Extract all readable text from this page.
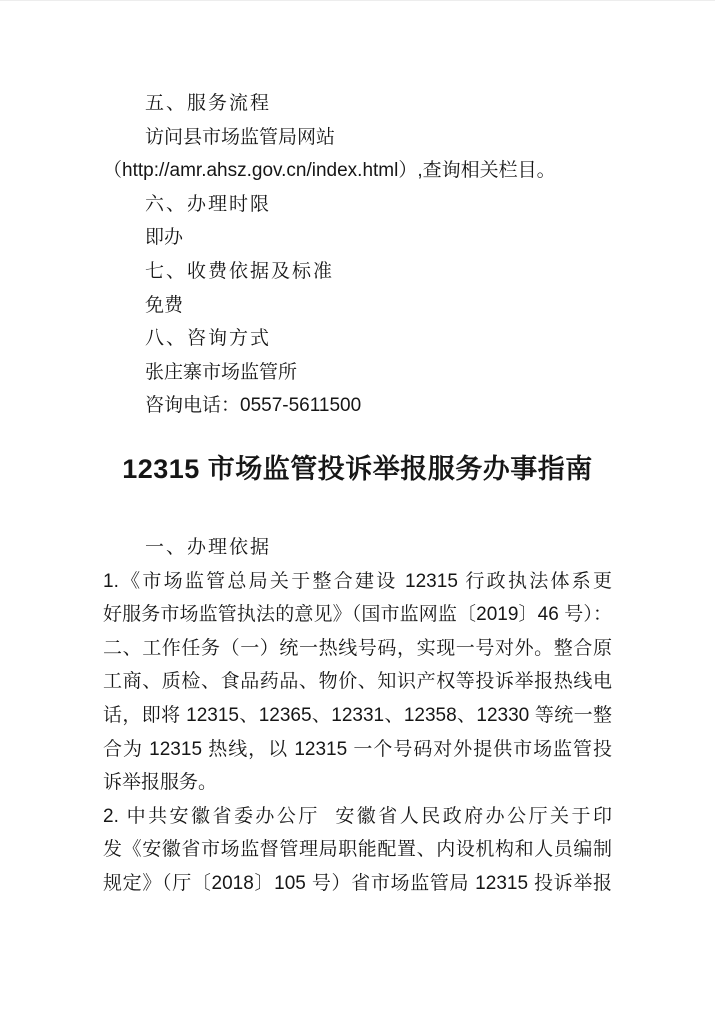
五、服务流程
访问县市场监管局网站
（http://amr.ahsz.gov.cn/index.html）,查询相关栏目。
六、办理时限
即办
七、收费依据及标准
免费
八、咨询方式
张庄寨市场监管所
咨询电话：0557-5611500
12315 市场监管投诉举报服务办事指南
一、办理依据
1.《市场监管总局关于整合建设 12315 行政执法体系更
好服务市场监管执法的意见》（国市监网监〔2019〕46 号）：
二、工作任务（一）统一热线号码，实现一号对外。整合原
工商、质检、食品药品、物价、知识产权等投诉举报热线电
话，即将 12315、12365、12331、12358、12330 等统一整
合为 12315 热线，以 12315 一个号码对外提供市场监管投
诉举报服务。
2. 中共安徽省委办公厅  安徽省人民政府办公厅关于印
发《安徽省市场监督管理局职能配置、内设机构和人员编制
规定》（厅〔2018〕105 号）省市场监管局 12315 投诉举报
